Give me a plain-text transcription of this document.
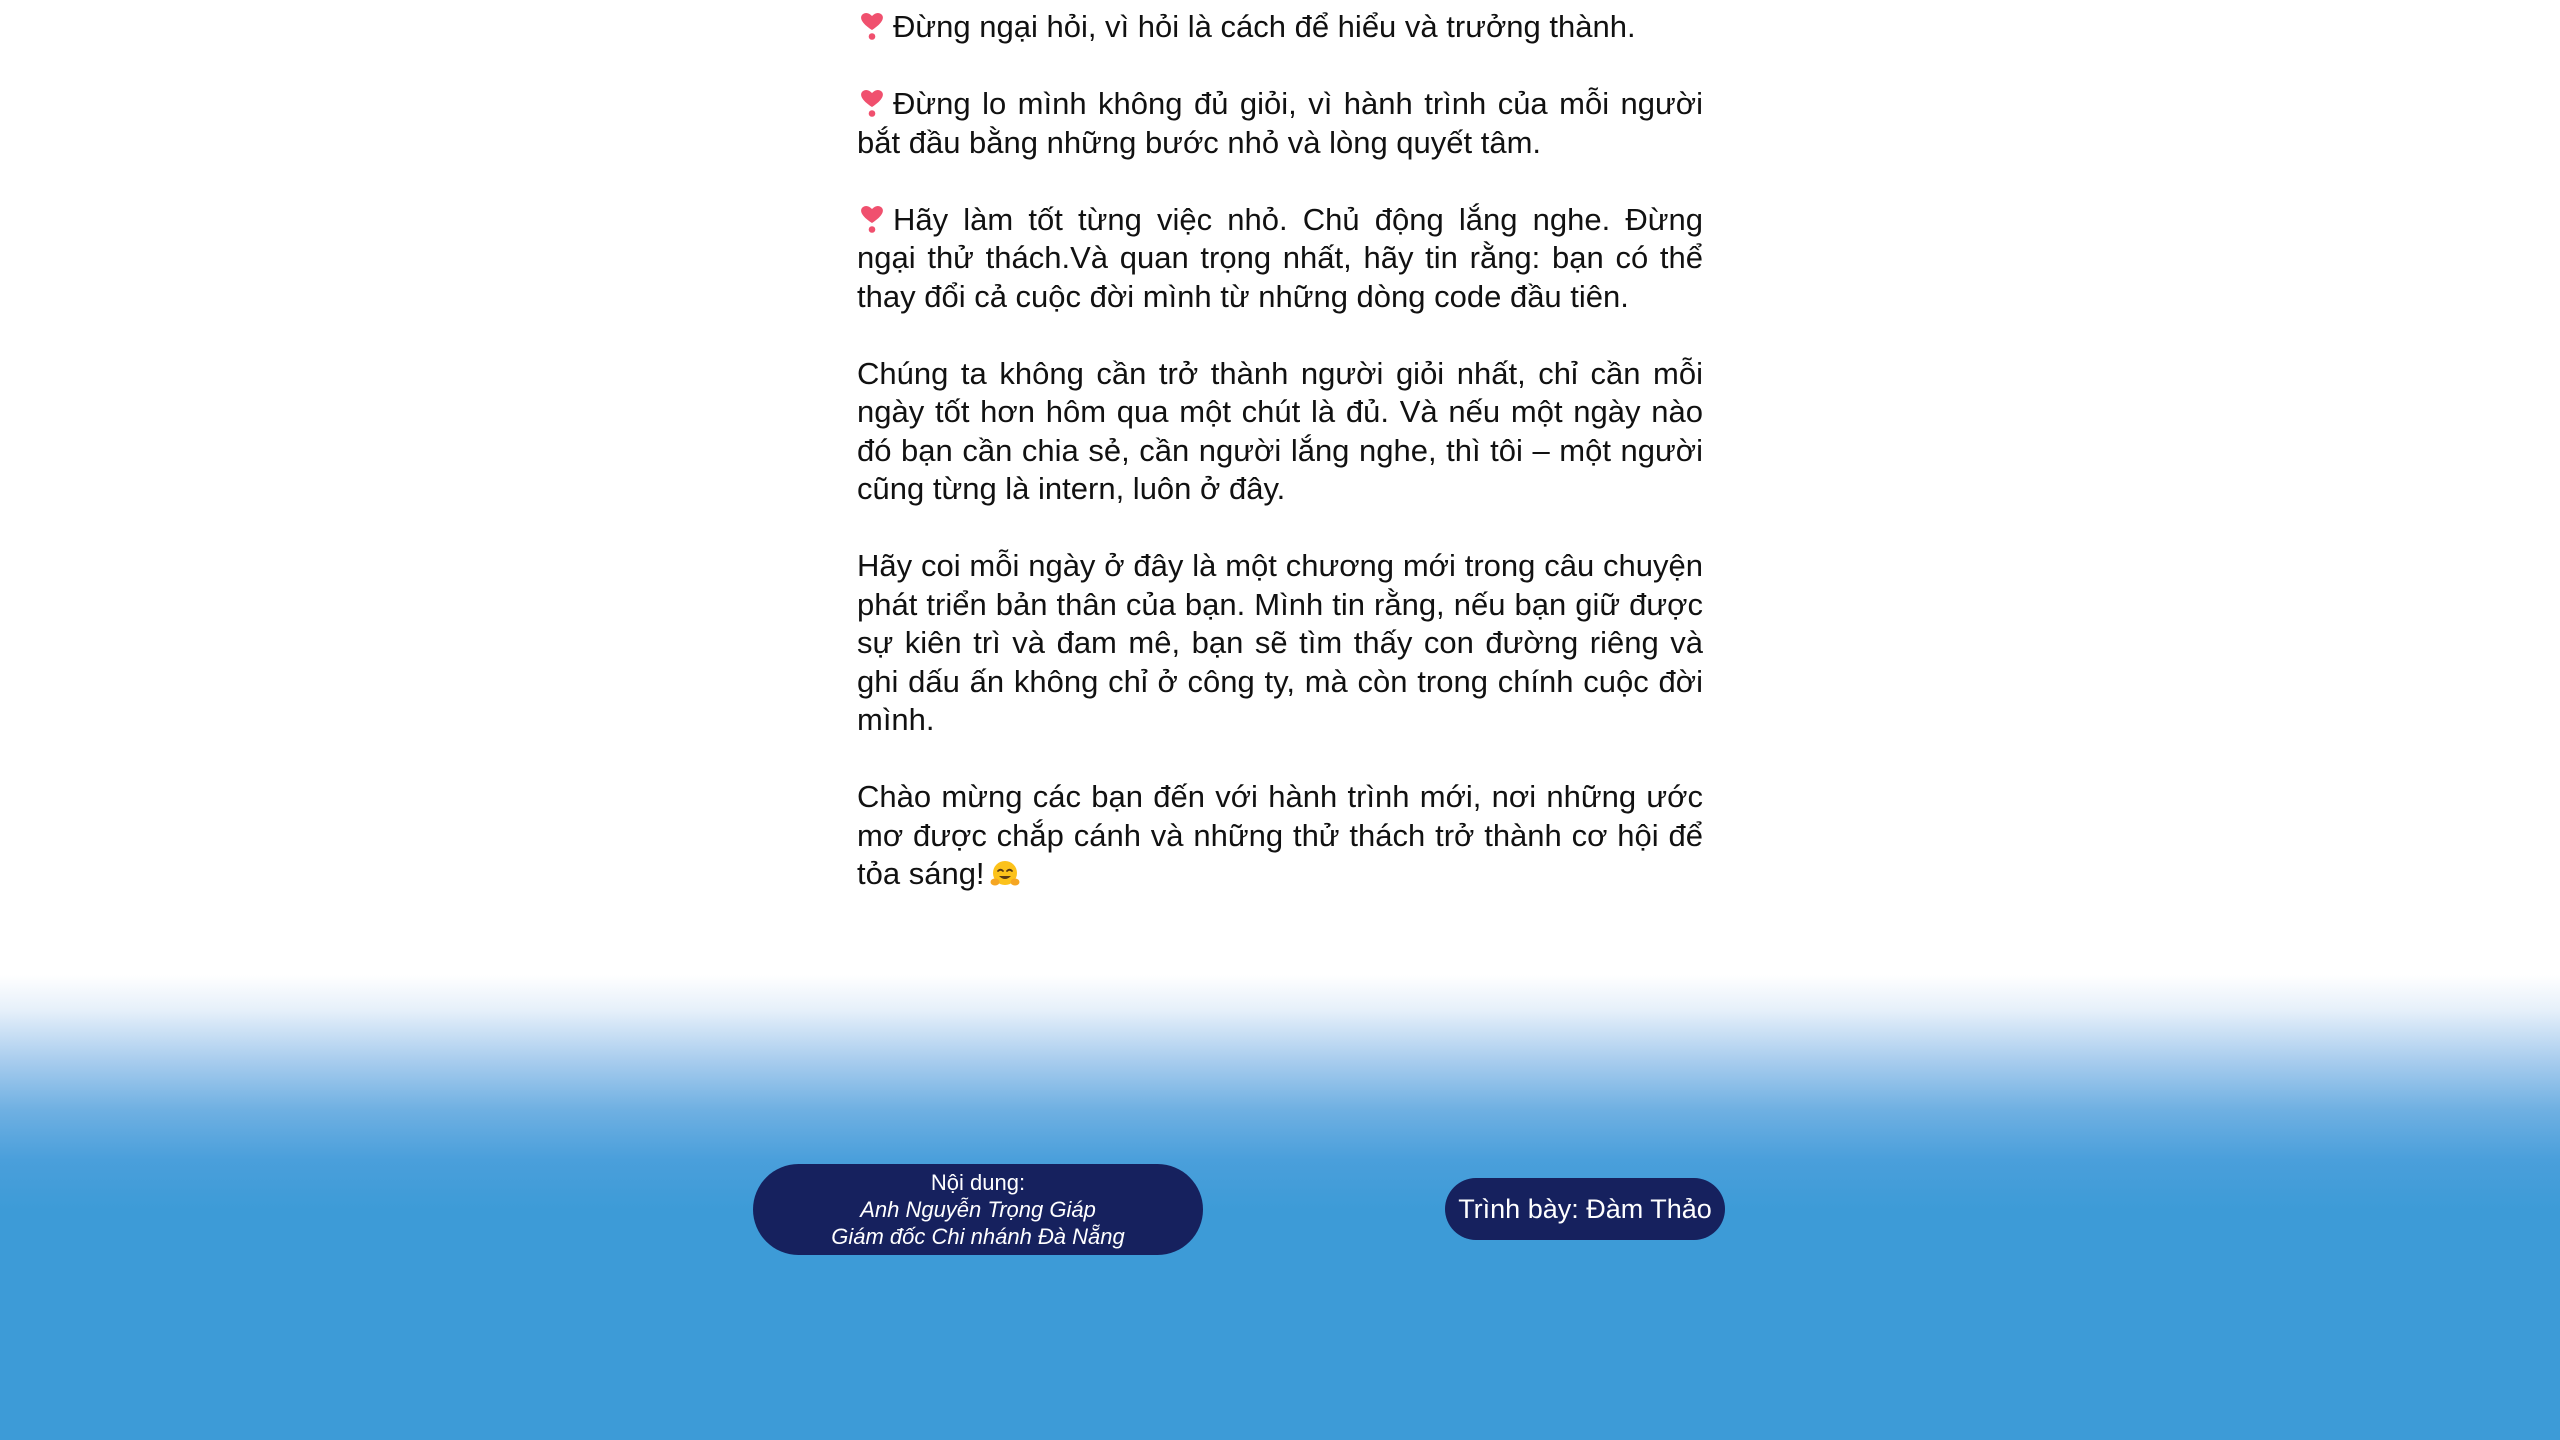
Đừng ngại hỏi, vì hỏi là cách để hiểu và trưởng thành.

Đừng lo mình không đủ giỏi, vì hành trình của mỗi người bắt đầu bằng những bước nhỏ và lòng quyết tâm.

Hãy làm tốt từng việc nhỏ. Chủ động lắng nghe. Đừng ngại thử thách.Và quan trọng nhất, hãy tin rằng: bạn có thể thay đổi cả cuộc đời mình từ những dòng code đầu tiên.

Chúng ta không cần trở thành người giỏi nhất, chỉ cần mỗi ngày tốt hơn hôm qua một chút là đủ. Và nếu một ngày nào đó bạn cần chia sẻ, cần người lắng nghe, thì tôi – một người cũng từng là intern, luôn ở đây.

Hãy coi mỗi ngày ở đây là một chương mới trong câu chuyện phát triển bản thân của bạn. Mình tin rằng, nếu bạn giữ được sự kiên trì và đam mê, bạn sẽ tìm thấy con đường riêng và ghi dấu ấn không chỉ ở công ty, mà còn trong chính cuộc đời mình.

Chào mừng các bạn đến với hành trình mới, nơi những ước mơ được chắp cánh và những thử thách trở thành cơ hội để tỏa sáng!

Nội dung:
Anh Nguyễn Trọng Giáp
Giám đốc Chi nhánh Đà Nẵng
Trình bày: Đàm Thảo
